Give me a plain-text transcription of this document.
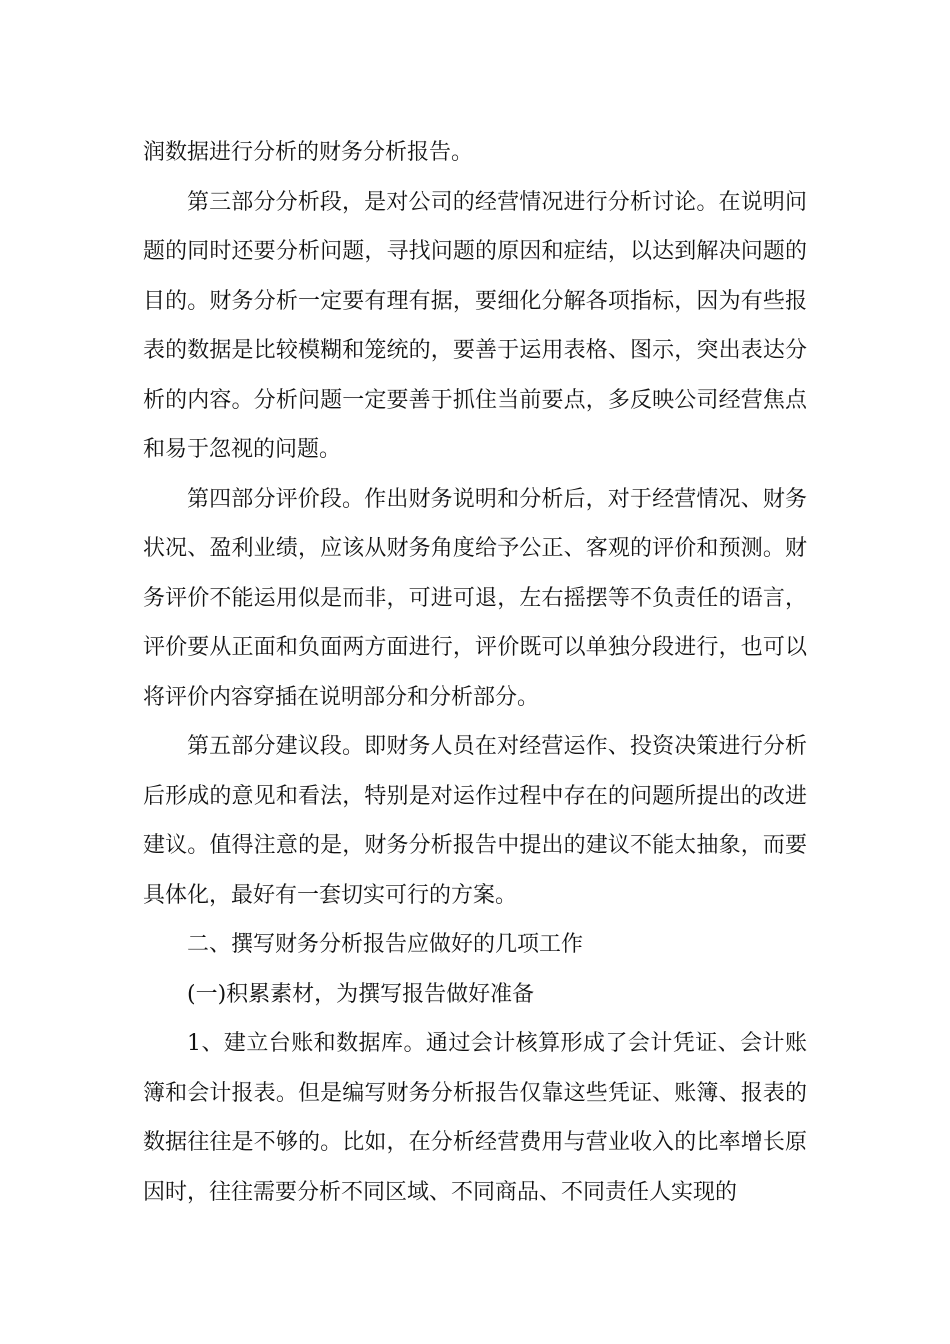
润数据进行分析的财务分析报告。

第三部分分析段，是对公司的经营情况进行分析讨论。在说明问题的同时还要分析问题，寻找问题的原因和症结，以达到解决问题的目的。财务分析一定要有理有据，要细化分解各项指标，因为有些报表的数据是比较模糊和笼统的，要善于运用表格、图示，突出表达分析的内容。分析问题一定要善于抓住当前要点，多反映公司经营焦点和易于忽视的问题。

第四部分评价段。作出财务说明和分析后，对于经营情况、财务状况、盈利业绩，应该从财务角度给予公正、客观的评价和预测。财务评价不能运用似是而非，可进可退，左右摇摆等不负责任的语言，评价要从正面和负面两方面进行，评价既可以单独分段进行，也可以将评价内容穿插在说明部分和分析部分。

第五部分建议段。即财务人员在对经营运作、投资决策进行分析后形成的意见和看法，特别是对运作过程中存在的问题所提出的改进建议。值得注意的是，财务分析报告中提出的建议不能太抽象，而要具体化，最好有一套切实可行的方案。

二、撰写财务分析报告应做好的几项工作

(一)积累素材，为撰写报告做好准备

1、建立台账和数据库。通过会计核算形成了会计凭证、会计账簿和会计报表。但是编写财务分析报告仅靠这些凭证、账簿、报表的数据往往是不够的。比如，在分析经营费用与营业收入的比率增长原因时，往往需要分析不同区域、不同商品、不同责任人实现的
